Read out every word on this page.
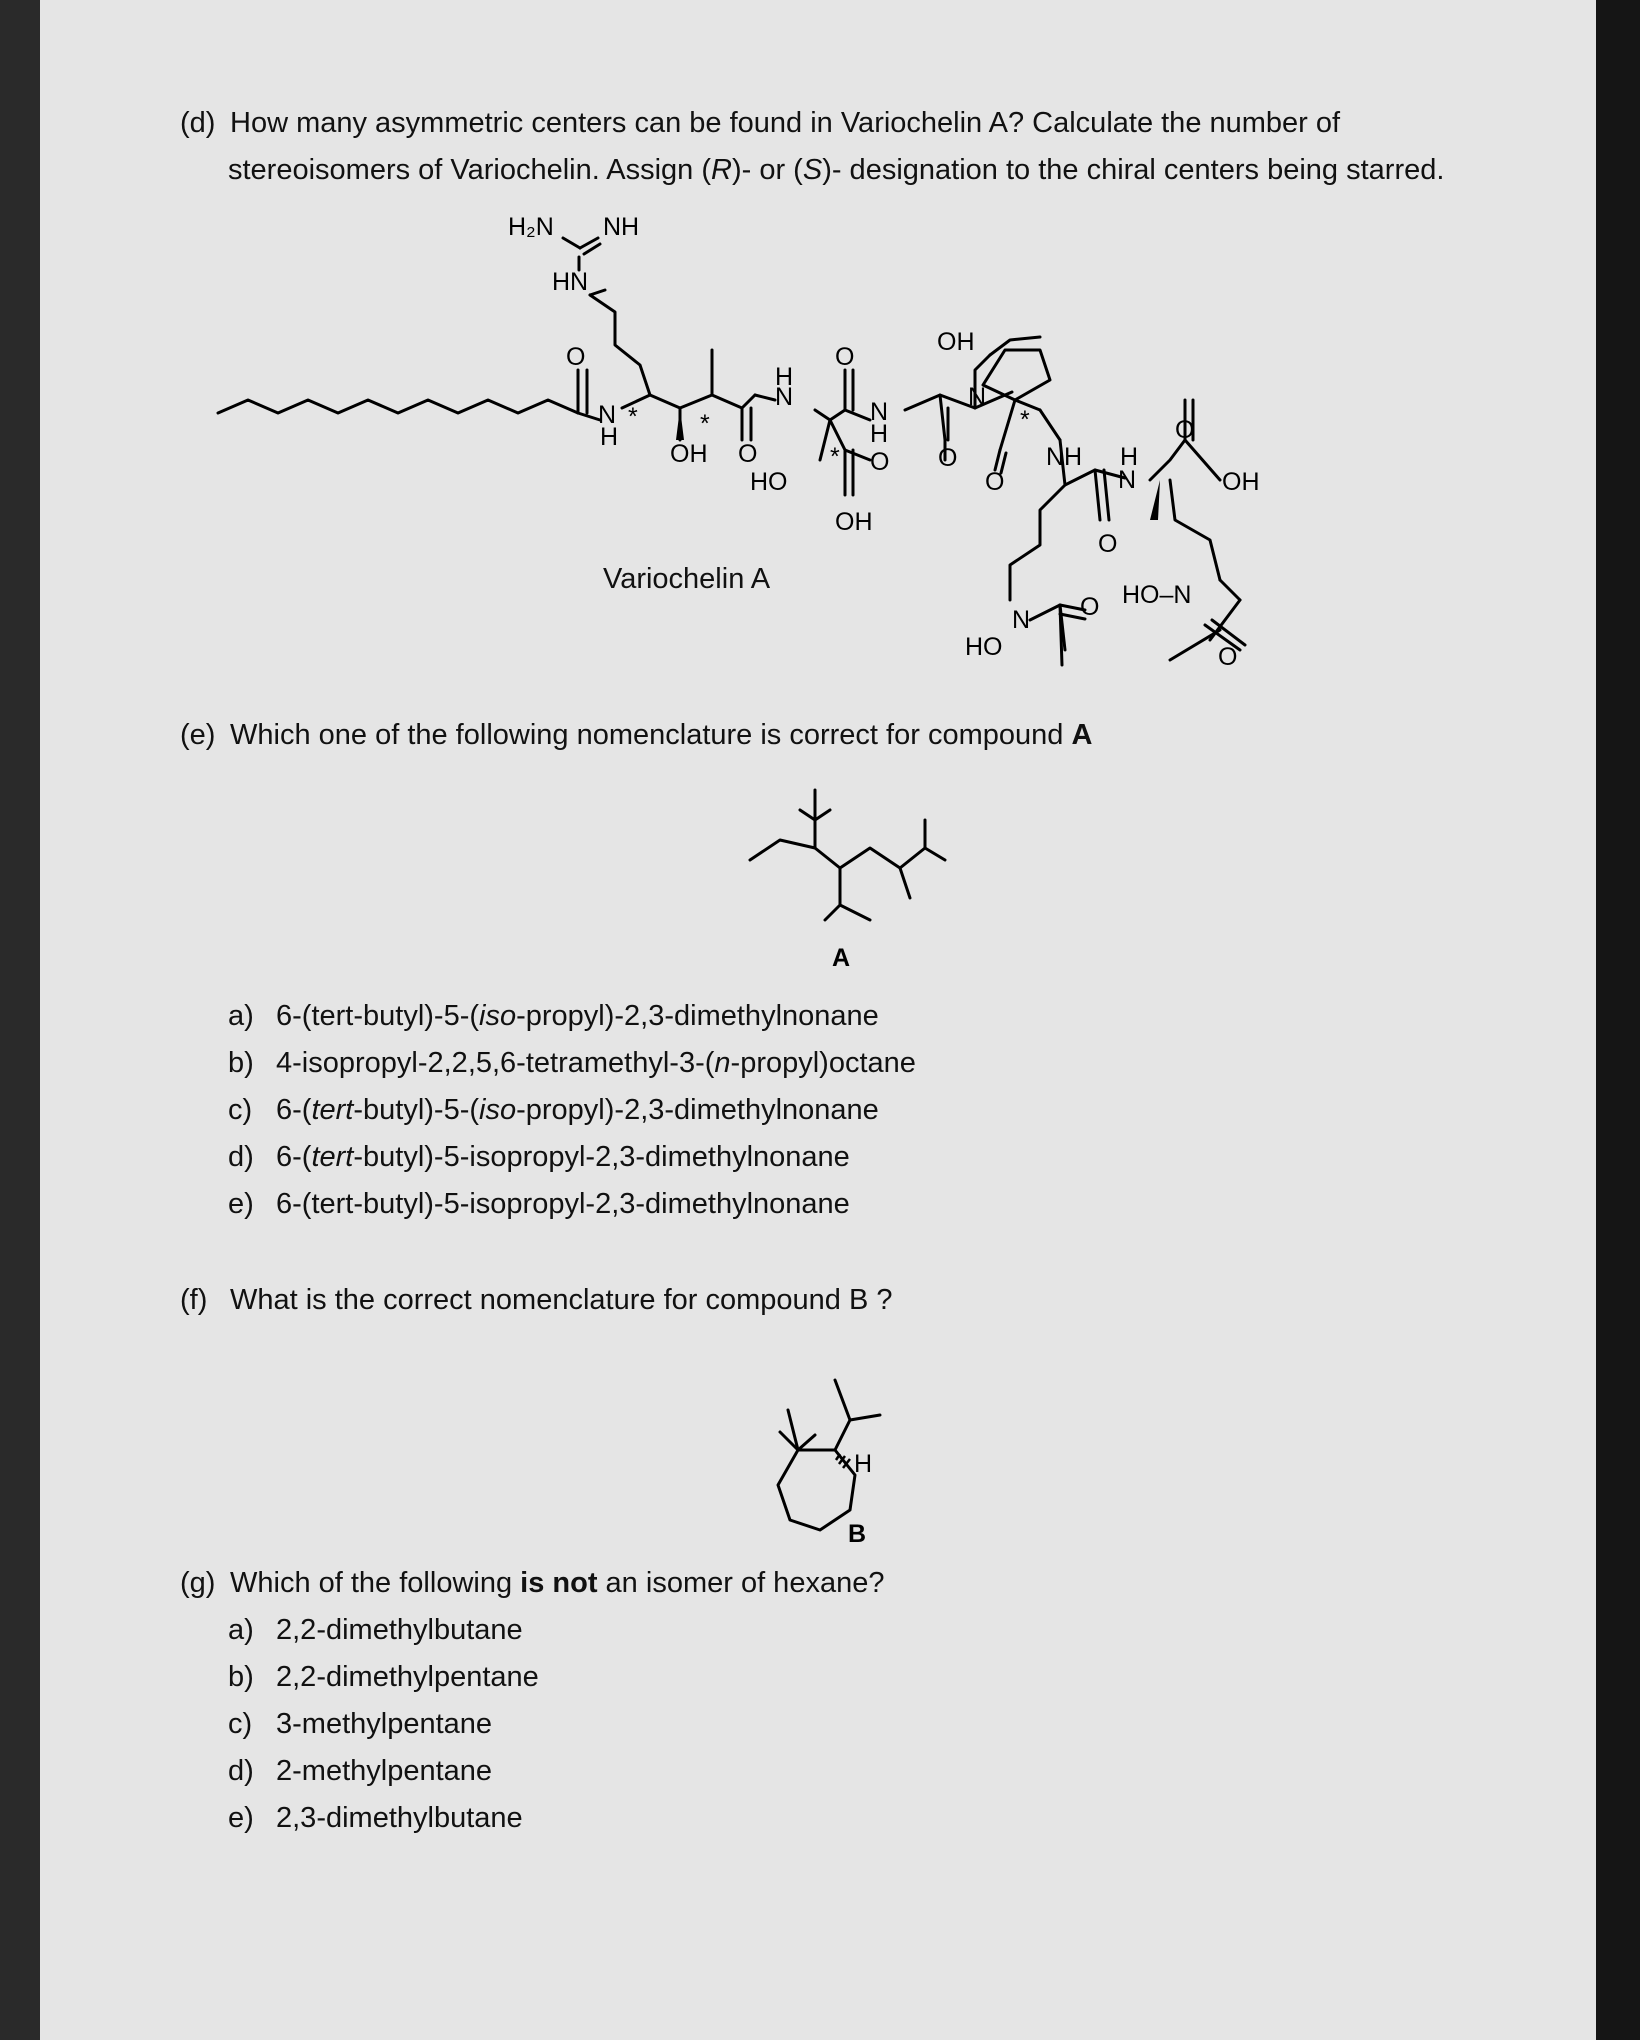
(d) How many asymmetric centers can be found in Variochelin A? Calculate the number of
stereoisomers of Variochelin. Assign (R)- or (S)- designation to the chiral centers being starred.
H₂N NH
HN
O
N
H
*
OH
*
O
H
N
HO
*
O
N
H
O
OH
OH
N
O
*
O
NH H
N
O
O
OH
HO–N
O
N
HO
O
Variochelin A
(e) Which one of the following nomenclature is correct for compound A
A
a) 6-(tert-butyl)-5-(iso-propyl)-2,3-dimethylnonane
b) 4-isopropyl-2,2,5,6-tetramethyl-3-(n-propyl)octane
c) 6-(tert-butyl)-5-(iso-propyl)-2,3-dimethylnonane
d) 6-(tert-butyl)-5-isopropyl-2,3-dimethylnonane
e) 6-(tert-butyl)-5-isopropyl-2,3-dimethylnonane
(f) What is the correct nomenclature for compound B ?
H
B
(g) Which of the following is not an isomer of hexane?
a) 2,2-dimethylbutane
b) 2,2-dimethylpentane
c) 3-methylpentane
d) 2-methylpentane
e) 2,3-dimethylbutane
